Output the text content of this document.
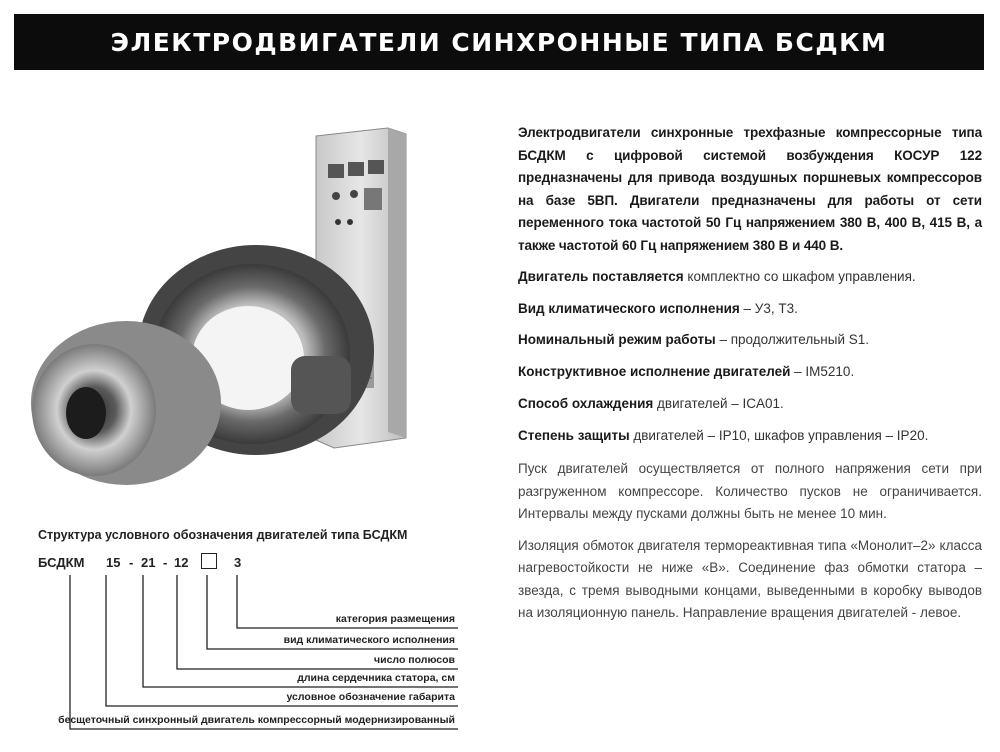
ЭЛЕКТРОДВИГАТЕЛИ СИНХРОННЫЕ ТИПА БСДКМ

Электродвигатели синхронные трехфазные компрессорные типа БСДКМ с цифровой системой возбуждения КОСУР 122 предназначены для привода воздушных поршневых компрессоров на базе 5ВП. Двигатели предназначены для работы от сети переменного тока частотой 50 Гц напряжением 380 В, 400 В, 415 В, а также частотой 60 Гц напряжением 380 В и 440 В.

Двигатель поставляется комплектно со шкафом управления.

Вид климатического исполнения – У3, Т3.

Номинальный режим работы – продолжительный S1.

Конструктивное исполнение двигателей – IM5210.

Способ охлаждения двигателей – ICA01.

Степень защиты двигателей – IP10, шкафов управления – IP20.

Пуск двигателей осуществляется от полного напряжения сети при разгруженном компрессоре. Количество пусков не ограничивается. Интервалы между пусками должны быть не менее 10 мин.

Изоляция обмоток двигателя термореактивная типа «Монолит–2» класса нагревостойкости не ниже «В». Соединение фаз обмотки статора – звезда, с тремя выводными концами, выведенными в коробку выводов на изоляционную панель. Направление вращения двигателей - левое.

Структура условного обозначения двигателей типа БСДКМ
БСДКМ 15 - 21 - 12	3
категория размещения
вид климатического исполнения
число полюсов
длина сердечника статора, см
условное обозначение габарита
бесщеточный синхронный двигатель компрессорный модернизированный
